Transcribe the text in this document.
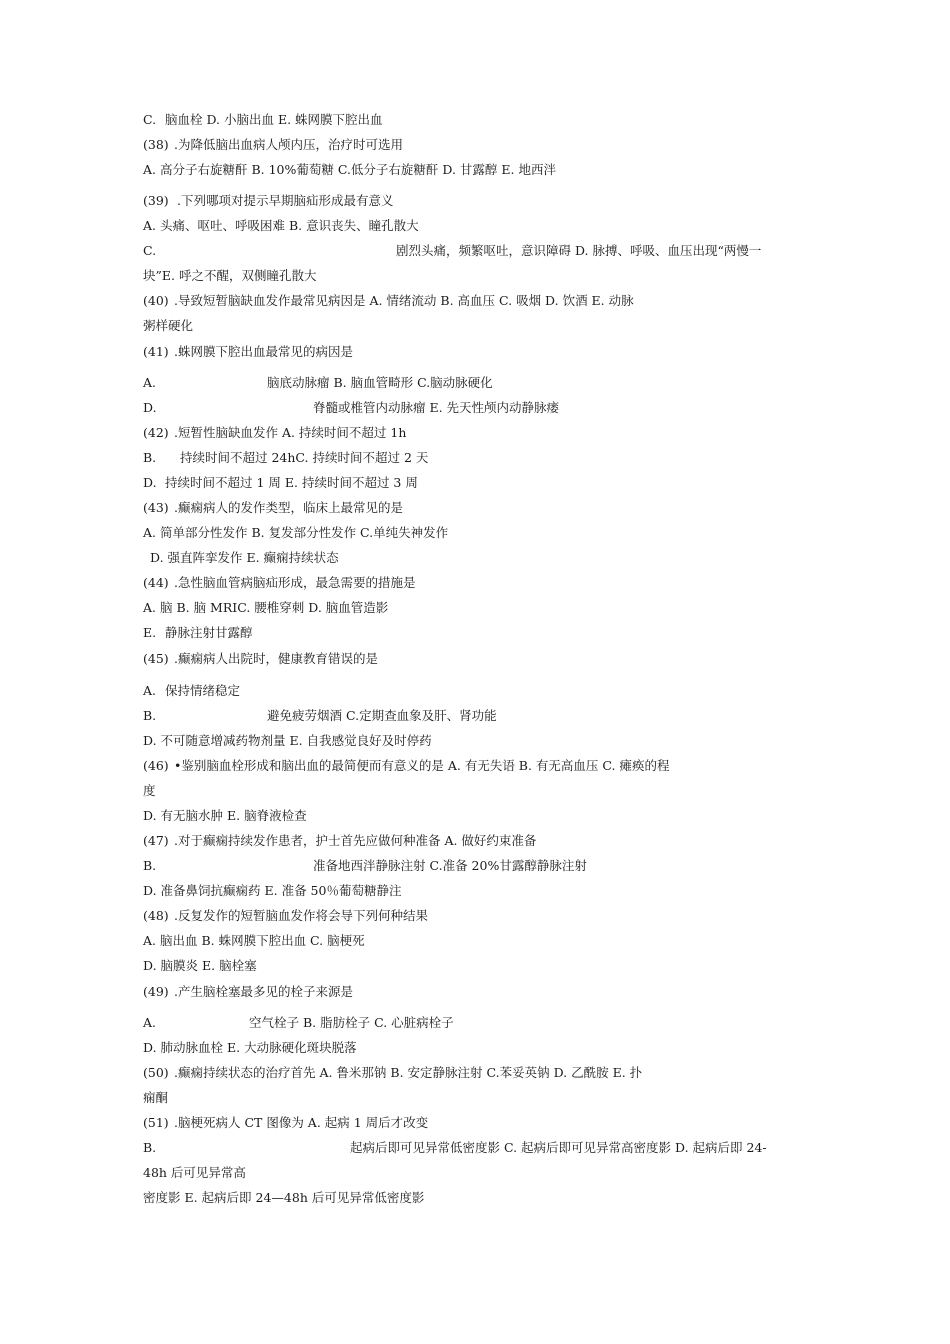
C. 脑血栓 D. 小脑出血 E. 蛛网膜下腔出血
(38) .为降低脑出血病人颅内压，治疗时可选用
A. 高分子右旋糖酐 B. 10%葡萄糖 C.低分子右旋糖酐 D. 甘露醇 E. 地西泮
(39) .下列哪项对提示早期脑疝形成最有意义
A. 头痛、呕吐、呼吸困难 B. 意识丧失、瞳孔散大
C.	剧烈头痛，频繁呕吐，意识障碍 D. 脉搏、呼吸、血压出现“两慢一
块”E. 呼之不醒，双侧瞳孔散大
(40) .导致短暂脑缺血发作最常见病因是 A. 情绪流动 B. 高血压 C. 吸烟 D. 饮酒 E. 动脉
粥样硬化
(41) .蛛网膜下腔出血最常见的病因是
A.	脑底动脉瘤 B. 脑血管畸形 C.脑动脉硬化
D.	脊髓或椎管内动脉瘤 E. 先天性颅内动静脉瘘
(42) .短暂性脑缺血发作 A. 持续时间不超过 1h
B. 持续时间不超过 24hC. 持续时间不超过 2 天
D. 持续时间不超过 1 周 E. 持续时间不超过 3 周
(43) .癫痫病人的发作类型，临床上最常见的是
A. 简单部分性发作 B. 复发部分性发作 C.单纯失神发作
D. 强直阵挛发作 E. 癫痫持续状态
(44) .急性脑血管病脑疝形成，最急需要的措施是
A. 脑 B. 脑 MRIC. 腰椎穿刺 D. 脑血管造影
E. 静脉注射甘露醇
(45) .癫痫病人出院时，健康教育错误的是
A. 保持情绪稳定
B.	避免疲劳烟酒 C.定期查血象及肝、肾功能
D. 不可随意增减药物剂量 E. 自我感觉良好及时停药
(46) •鉴别脑血栓形成和脑出血的最简便而有意义的是 A. 有无失语 B. 有无高血压 C. 瘫痪的程
度
D. 有无脑水肿 E. 脑脊液检查
(47) .对于癫痫持续发作患者，护士首先应做何种准备 A. 做好约束准备
B.	准备地西泮静脉注射 C.准备 20%甘露醇静脉注射
D. 准备鼻饲抗癫痫药 E. 准备 50％葡萄糖静注
(48) .反复发作的短暂脑血发作将会导下列何种结果
A. 脑出血 B. 蛛网膜下腔出血 C. 脑梗死
D. 脑膜炎 E. 脑栓塞
(49) .产生脑栓塞最多见的栓子来源是
A.	空气栓子 B. 脂肪栓子 C. 心脏病栓子
D. 肺动脉血栓 E. 大动脉硬化斑块脱落
(50) .癫痫持续状态的治疗首先 A. 鲁米那钠 B. 安定静脉注射 C.苯妥英钠 D. 乙酰胺 E. 扑
痫酮
(51) .脑梗死病人 CT 图像为 A. 起病 1 周后才改变
B.	起病后即可见异常低密度影 C. 起病后即可见异常高密度影 D. 起病后即 24-
48h 后可见异常高
密度影 E. 起病后即 24—48h 后可见异常低密度影
